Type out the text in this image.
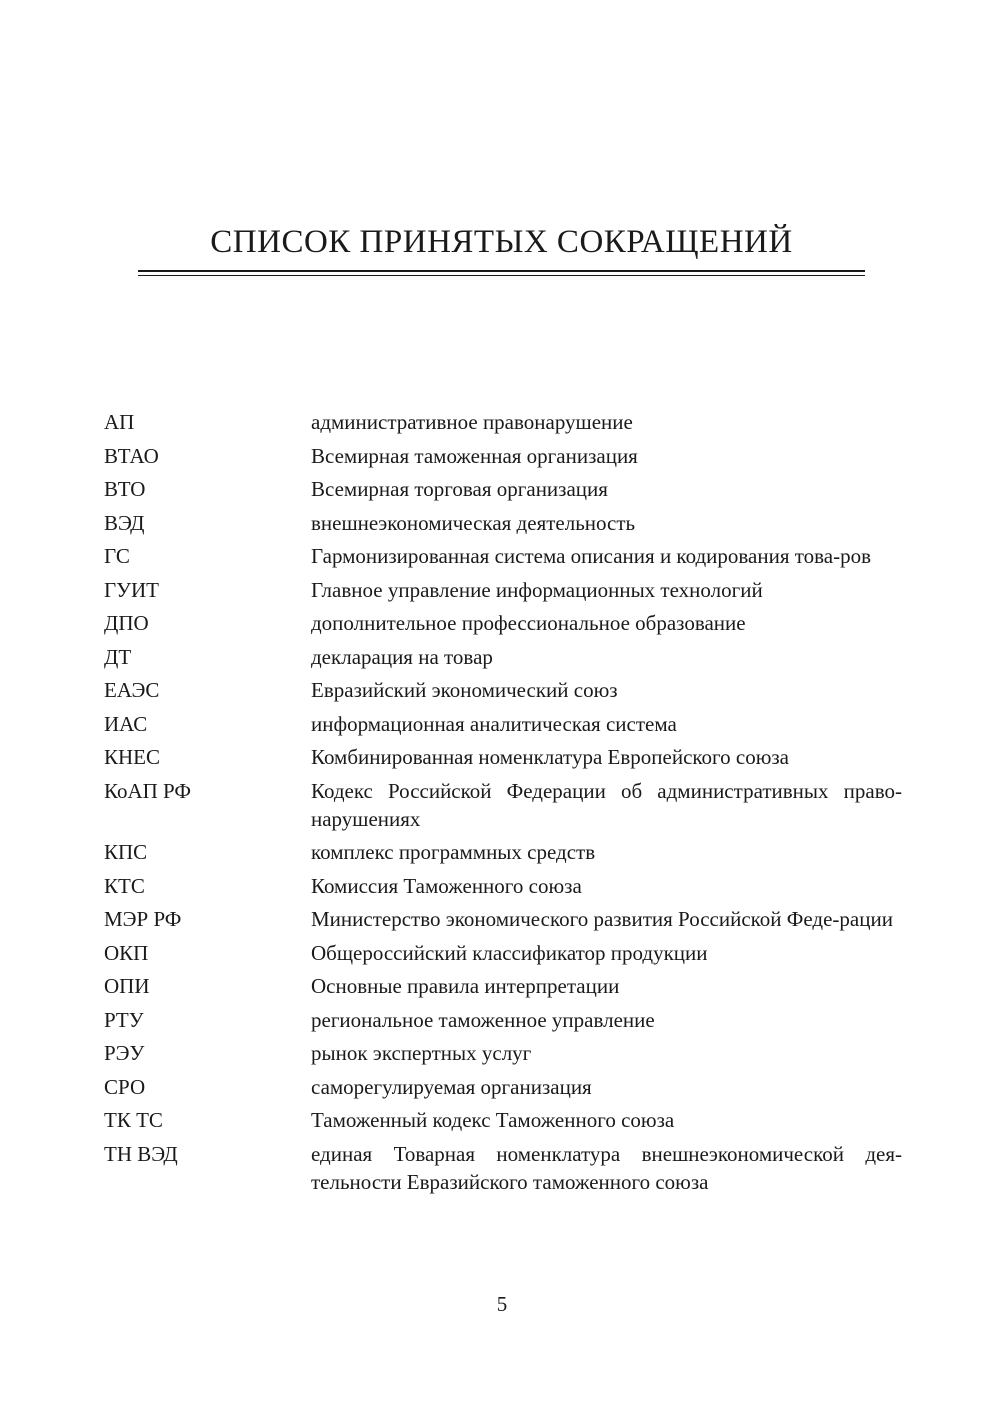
СПИСОК ПРИНЯТЫХ СОКРАЩЕНИЙ
АП	административное правонарушение
ВТАО	Всемирная таможенная организация
ВТО	Всемирная торговая организация
ВЭД	внешнеэкономическая деятельность
ГС	Гармонизированная система описания и кодирования това-ров
ГУИТ	Главное управление информационных технологий
ДПО	дополнительное профессиональное образование
ДТ	декларация на товар
ЕАЭС	Евразийский экономический союз
ИАС	информационная аналитическая система
КНЕС	Комбинированная номенклатура Европейского союза
КоАП РФ	Кодекс Российской Федерации об административных право-нарушениях
КПС	комплекс программных средств
КТС	Комиссия Таможенного союза
МЭР РФ	Министерство экономического развития Российской Феде-рации
ОКП	Общероссийский классификатор продукции
ОПИ	Основные правила интерпретации
РТУ	региональное таможенное управление
РЭУ	рынок экспертных услуг
СРО	саморегулируемая организация
ТК ТС	Таможенный кодекс Таможенного союза
ТН ВЭД	единая Товарная номенклатура внешнеэкономической дея-тельности Евразийского таможенного союза
5
